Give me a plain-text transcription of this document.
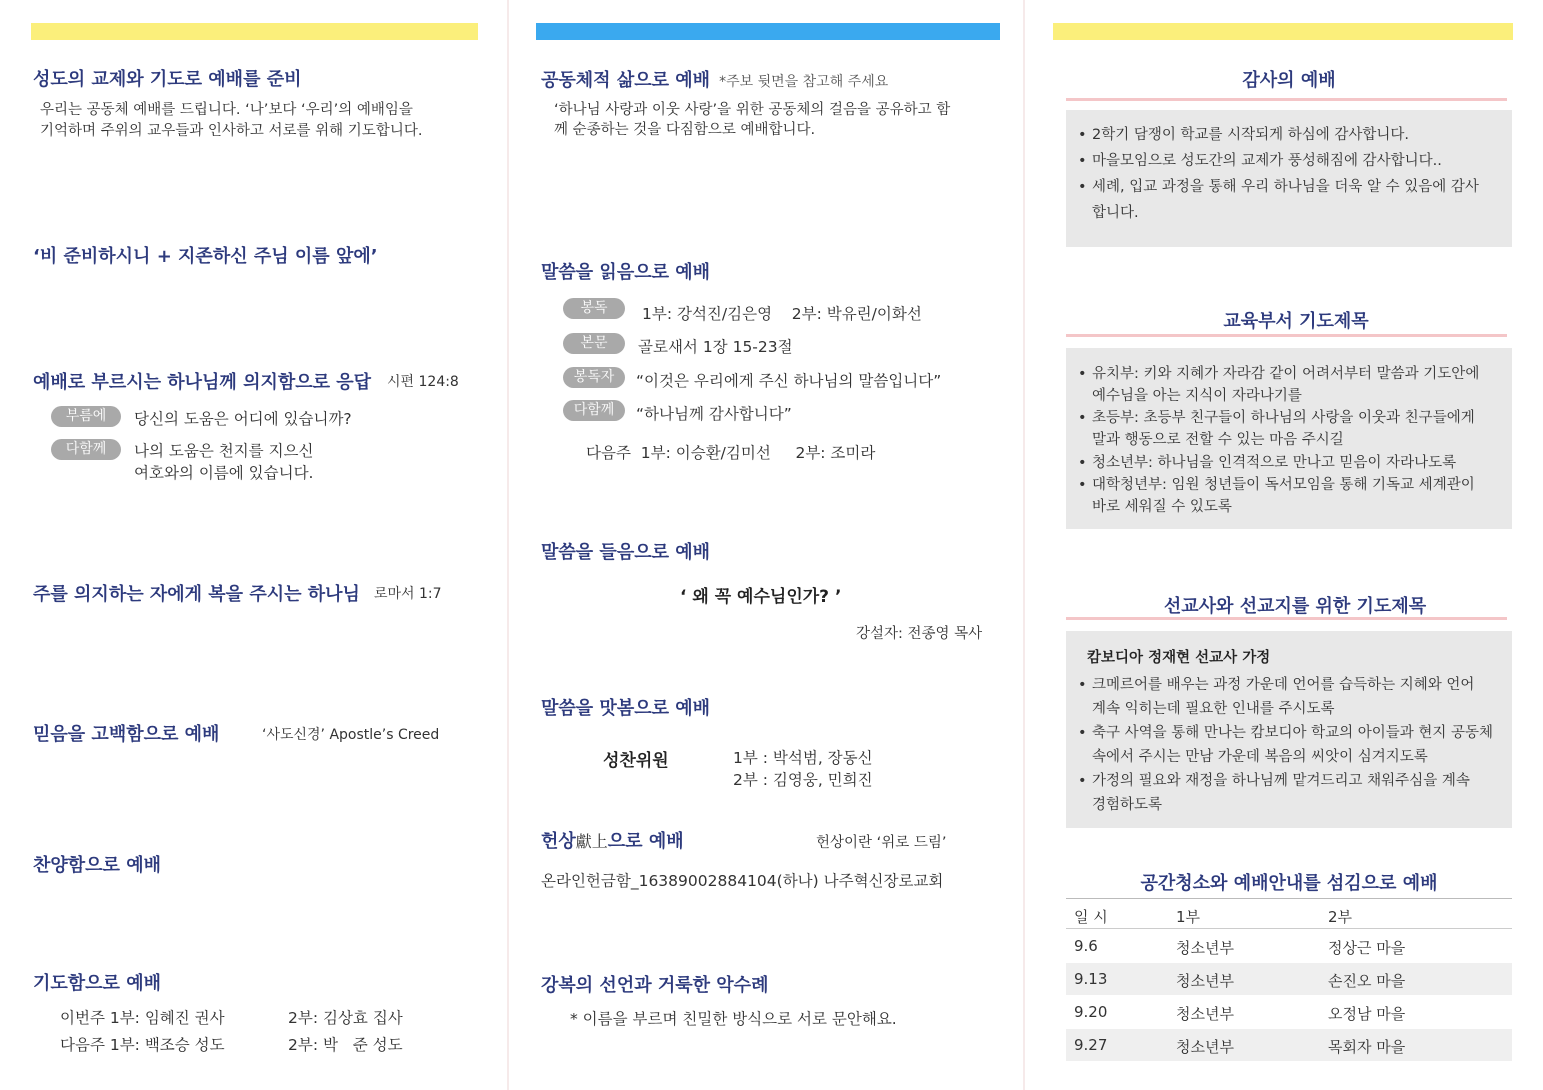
성도의 교제와 기도로 예배를 준비
우리는 공동체 예배를 드립니다. ‘나’보다 ‘우리’의 예배임을
기억하며 주위의 교우들과 인사하고 서로를 위해 기도합니다.
‘비 준비하시니 + 지존하신 주님 이름 앞에’
예배로 부르시는 하나님께 의지함으로 응답 시편 124:8
부름에	당신의 도움은 어디에 있습니까?
다함께	나의 도움은 천지를 지으신
여호와의 이름에 있습니다.
주를 의지하는 자에게 복을 주시는 하나님 로마서 1:7
믿음을 고백함으로 예배	‘사도신경’ Apostle’s Creed
찬양함으로 예배
기도함으로 예배
이번주 1부: 임혜진 권사	2부: 김상효 집사
다음주 1부: 백조승 성도	2부: 박   준 성도
공동체적 삶으로 예배 *주보 뒷면을 참고해 주세요
‘하나님 사랑과 이웃 사랑’을 위한 공동체의 걸음을 공유하고 함
께 순종하는 것을 다짐함으로 예배합니다.
말씀을 읽음으로 예배
봉독	1부: 강석진/김은영    2부: 박유린/이화선
본문	골로새서 1장 15-23절
봉독자	“이것은 우리에게 주신 하나님의 말씀입니다”
다함께	“하나님께 감사합니다”
다음주  1부: 이승환/김미선     2부: 조미라
말씀을 들음으로 예배
‘ 왜 꼭 예수님인가? ’
강설자: 전종영 목사
말씀을 맛봄으로 예배
성찬위원	1부 : 박석범, 장동신
2부 : 김영웅, 민희진
헌상獻上으로 예배	헌상이란 ‘위로 드림’
온라인헌금함_16389002884104(하나) 나주혁신장로교회
강복의 선언과 거룩한 악수례
* 이름을 부르며 친밀한 방식으로 서로 문안해요.
감사의 예배
• 2학기 담쟁이 학교를 시작되게 하심에 감사합니다.
• 마을모임으로 성도간의 교제가 풍성해짐에 감사합니다..
• 세례, 입교 과정을 통해 우리 하나님을 더욱 알 수 있음에 감사
합니다.
교육부서 기도제목
• 유치부: 키와 지혜가 자라감 같이 어려서부터 말씀과 기도안에
예수님을 아는 지식이 자라나기를
• 초등부: 초등부 친구들이 하나님의 사랑을 이웃과 친구들에게
말과 행동으로 전할 수 있는 마음 주시길
• 청소년부: 하나님을 인격적으로 만나고 믿음이 자라나도록
• 대학청년부: 임원 청년들이 독서모임을 통해 기독교 세계관이
바로 세워질 수 있도록
선교사와 선교지를 위한 기도제목
캄보디아 정재현 선교사 가정
• 크메르어를 배우는 과정 가운데 언어를 습득하는 지혜와 언어
계속 익히는데 필요한 인내를 주시도록
• 축구 사역을 통해 만나는 캄보디아 학교의 아이들과 현지 공동체
속에서 주시는 만남 가운데 복음의 씨앗이 심겨지도록
• 가정의 필요와 재정을 하나님께 맡겨드리고 채워주심을 계속
경험하도록
공간청소와 예배안내를 섬김으로 예배
일 시	1부	2부
9.6	청소년부	정상근 마을
9.13	청소년부	손진오 마을
9.20	청소년부	오정남 마을
9.27	청소년부	목회자 마을
